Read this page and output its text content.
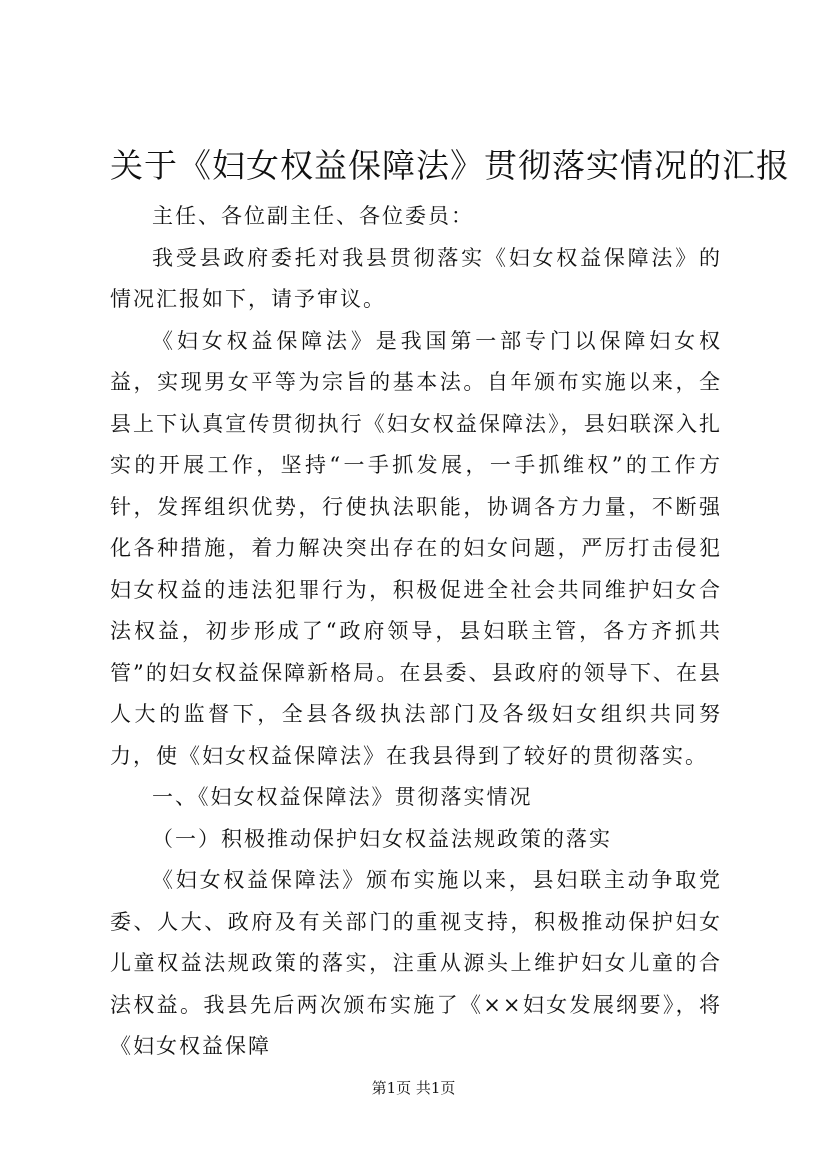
关于《妇女权益保障法》贯彻落实情况的汇报

主任、各位副主任、各位委员：

我受县政府委托对我县贯彻落实《妇女权益保障法》的情况汇报如下，请予审议。

《妇女权益保障法》是我国第一部专门以保障妇女权益，实现男女平等为宗旨的基本法。自年颁布实施以来，全县上下认真宣传贯彻执行《妇女权益保障法》，县妇联深入扎实的开展工作，坚持“一手抓发展，一手抓维权”的工作方针，发挥组织优势，行使执法职能，协调各方力量，不断强化各种措施，着力解决突出存在的妇女问题，严厉打击侵犯妇女权益的违法犯罪行为，积极促进全社会共同维护妇女合法权益，初步形成了“政府领导，县妇联主管，各方齐抓共管”的妇女权益保障新格局。在县委、县政府的领导下、在县人大的监督下，全县各级执法部门及各级妇女组织共同努力，使《妇女权益保障法》在我县得到了较好的贯彻落实。

一、《妇女权益保障法》贯彻落实情况

（一）积极推动保护妇女权益法规政策的落实

《妇女权益保障法》颁布实施以来，县妇联主动争取党委、人大、政府及有关部门的重视支持，积极推动保护妇女儿童权益法规政策的落实，注重从源头上维护妇女儿童的合法权益。我县先后两次颁布实施了《××妇女发展纲要》，将《妇女权益保障

第1页 共1页
